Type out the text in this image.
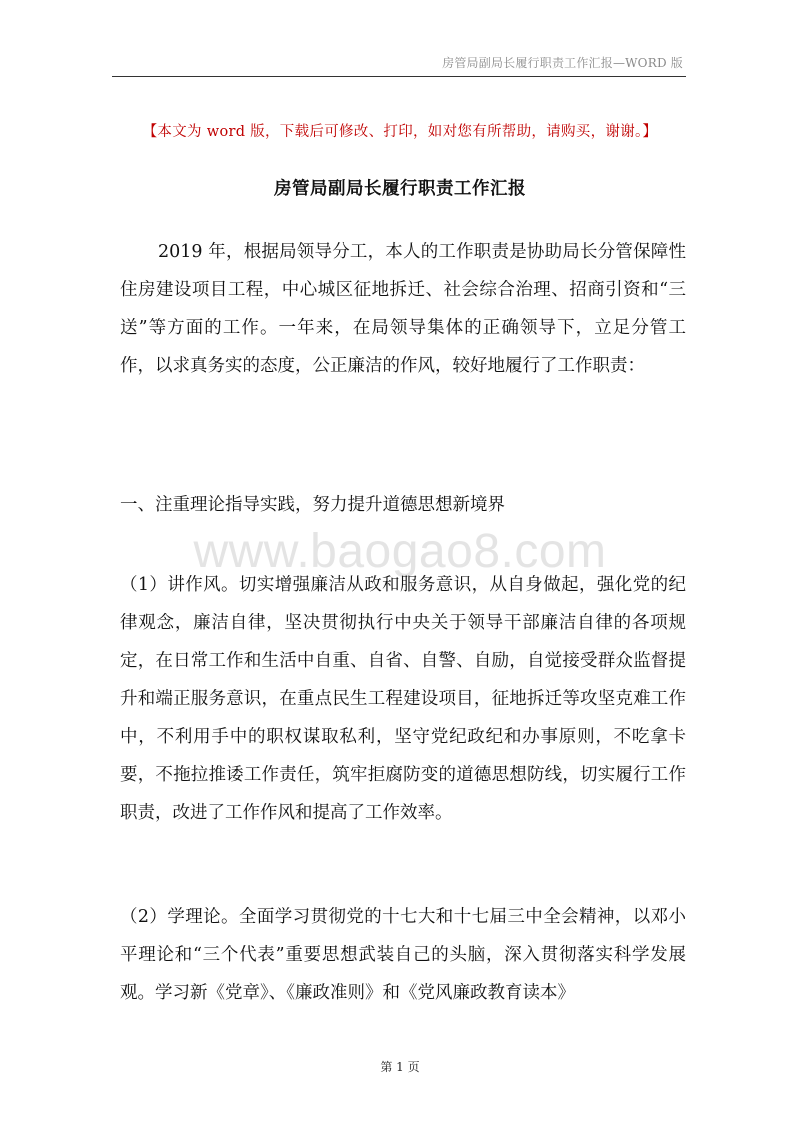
房管局副局长履行职责工作汇报—WORD 版
【本文为 word 版，下载后可修改、打印，如对您有所帮助，请购买，谢谢。】
房管局副局长履行职责工作汇报
2019 年，根据局领导分工，本人的工作职责是协助局长分管保障性住房建设项目工程，中心城区征地拆迁、社会综合治理、招商引资和“三送”等方面的工作。一年来，在局领导集体的正确领导下，立足分管工作，以求真务实的态度，公正廉洁的作风，较好地履行了工作职责：
一、注重理论指导实践，努力提升道德思想新境界
www.baogao8.com
（1）讲作风。切实增强廉洁从政和服务意识，从自身做起，强化党的纪律观念，廉洁自律，坚决贯彻执行中央关于领导干部廉洁自律的各项规定，在日常工作和生活中自重、自省、自警、自励，自觉接受群众监督提升和端正服务意识，在重点民生工程建设项目，征地拆迁等攻坚克难工作中，不利用手中的职权谋取私利，坚守党纪政纪和办事原则，不吃拿卡要，不拖拉推诿工作责任，筑牢拒腐防变的道德思想防线，切实履行工作职责，改进了工作作风和提高了工作效率。
（2）学理论。全面学习贯彻党的十七大和十七届三中全会精神，以邓小平理论和“三个代表”重要思想武装自己的头脑，深入贯彻落实科学发展观。学习新《党章》、《廉政准则》和《党风廉政教育读本》
第 1 页
